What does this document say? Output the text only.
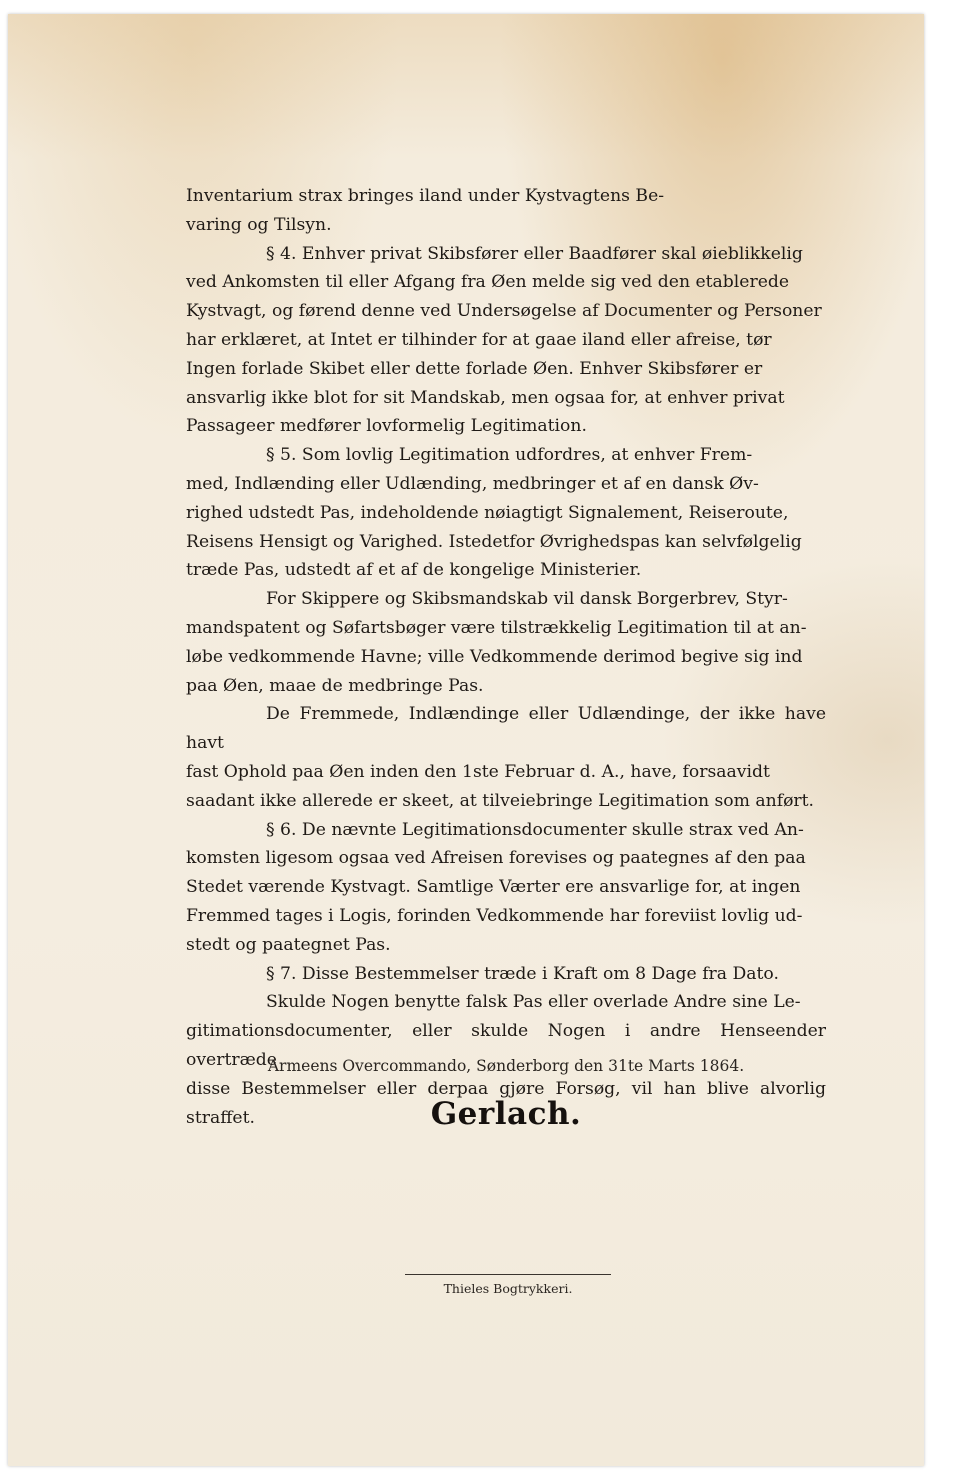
Inventarium strax bringes iland under Kystvagtens Be-
varing og Tilsyn.

§ 4. Enhver privat Skibsfører eller Baadfører skal øieblikkelig
ved Ankomsten til eller Afgang fra Øen melde sig ved den etablerede
Kystvagt, og førend denne ved Undersøgelse af Documenter og Personer
har erklæret, at Intet er tilhinder for at gaae iland eller afreise, tør
Ingen forlade Skibet eller dette forlade Øen. Enhver Skibsfører er
ansvarlig ikke blot for sit Mandskab, men ogsaa for, at enhver privat
Passageer medfører lovformelig Legitimation.

§ 5. Som lovlig Legitimation udfordres, at enhver Frem-
med, Indlænding eller Udlænding, medbringer et af en dansk Øv-
righed udstedt Pas, indeholdende nøiagtigt Signalement, Reiseroute,
Reisens Hensigt og Varighed. Istedetfor Øvrighedspas kan selvfølgelig
træde Pas, udstedt af et af de kongelige Ministerier.

For Skippere og Skibsmandskab vil dansk Borgerbrev, Styr-
mandspatent og Søfartsbøger være tilstrækkelig Legitimation til at an-
løbe vedkommende Havne; ville Vedkommende derimod begive sig ind
paa Øen, maae de medbringe Pas.

De Fremmede, Indlændinge eller Udlændinge, der ikke have havt
fast Ophold paa Øen inden den 1ste Februar d. A., have, forsaavidt
saadant ikke allerede er skeet, at tilveiebringe Legitimation som anført.

§ 6. De nævnte Legitimationsdocumenter skulle strax ved An-
komsten ligesom ogsaa ved Afreisen forevises og paategnes af den paa
Stedet værende Kystvagt. Samtlige Værter ere ansvarlige for, at ingen
Fremmed tages i Logis, forinden Vedkommende har foreviist lovlig ud-
stedt og paategnet Pas.

§ 7. Disse Bestemmelser træde i Kraft om 8 Dage fra Dato.

Skulde Nogen benytte falsk Pas eller overlade Andre sine Le-
gitimationsdocumenter, eller skulde Nogen i andre Henseender overtræde
disse Bestemmelser eller derpaa gjøre Forsøg, vil han blive alvorlig straffet.

Armeens Overcommando, Sønderborg den 31te Marts 1864.
Gerlach.
Thieles Bogtrykkeri.
